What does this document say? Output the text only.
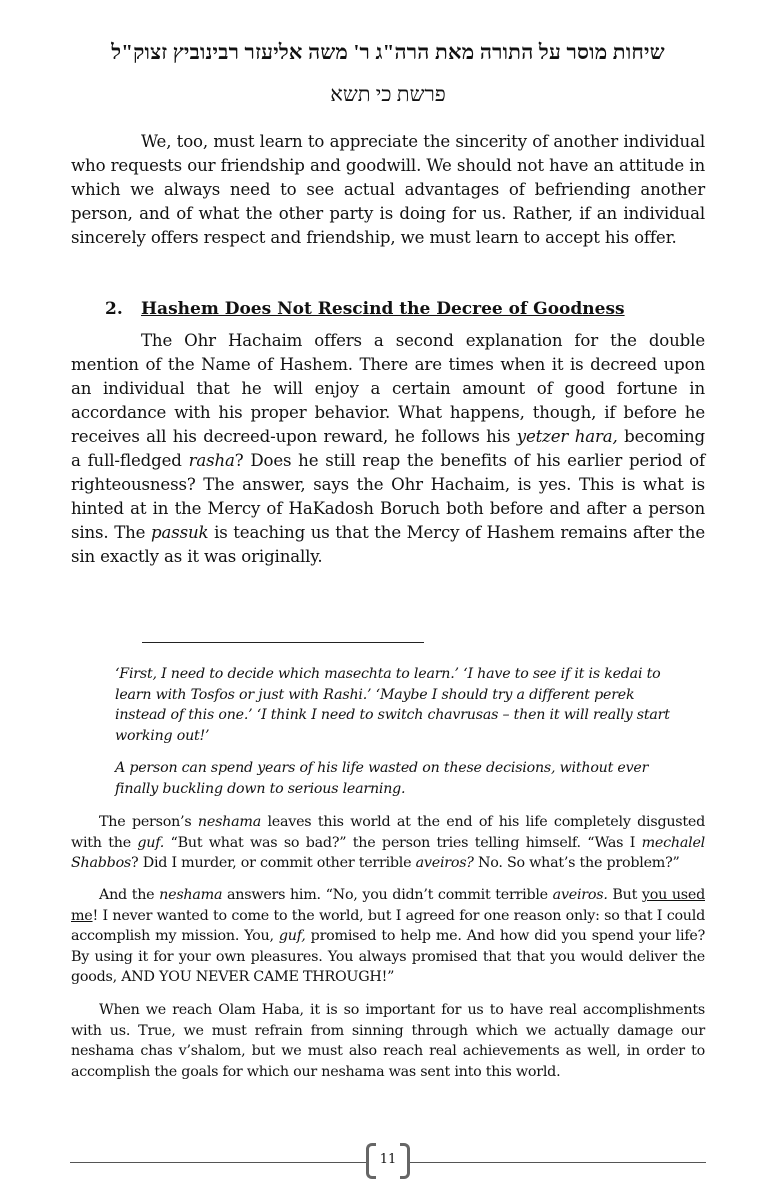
שיחות מוסר על התורה מאת הרה"ג ר' משה אליעזר רבינוביץ זצוק"ל
פרשת כי תשא

We, too, must learn to appreciate the sincerity of another individual who requests our friendship and goodwill. We should not have an attitude in which we always need to see actual advantages of befriending another person, and of what the other party is doing for us. Rather, if an individual sincerely offers respect and friendship, we must learn to accept his offer.

2. Hashem Does Not Rescind the Decree of Goodness

The Ohr Hachaim offers a second explanation for the double mention of the Name of Hashem. There are times when it is decreed upon an individual that he will enjoy a certain amount of good fortune in accordance with his proper behavior. What happens, though, if before he receives all his decreed-upon reward, he follows his yetzer hara, becoming a full-fledged rasha? Does he still reap the benefits of his earlier period of righteousness? The answer, says the Ohr Hachaim, is yes. This is what is hinted at in the Mercy of HaKadosh Boruch both before and after a person sins. The passuk is teaching us that the Mercy of Hashem remains after the sin exactly as it was originally.

‘First, I need to decide which masechta to learn.’ ‘I have to see if it is kedai to learn with Tosfos or just with Rashi.’ ‘Maybe I should try a different perek instead of this one.’ ‘I think I need to switch chavrusas – then it will really start working out!’

A person can spend years of his life wasted on these decisions, without ever finally buckling down to serious learning.

The person’s neshama leaves this world at the end of his life completely disgusted with the guf. “But what was so bad?” the person tries telling himself. “Was I mechalel Shabbos? Did I murder, or commit other terrible aveiros? No. So what’s the problem?”

And the neshama answers him. “No, you didn’t commit terrible aveiros. But you used me! I never wanted to come to the world, but I agreed for one reason only: so that I could accomplish my mission. You, guf, promised to help me. And how did you spend your life? By using it for your own pleasures. You always promised that that you would deliver the goods, AND YOU NEVER CAME THROUGH!”

When we reach Olam Haba, it is so important for us to have real accomplishments with us. True, we must refrain from sinning through which we actually damage our neshama chas v’shalom, but we must also reach real achievements as well, in order to accomplish the goals for which our neshama was sent into this world.

11
